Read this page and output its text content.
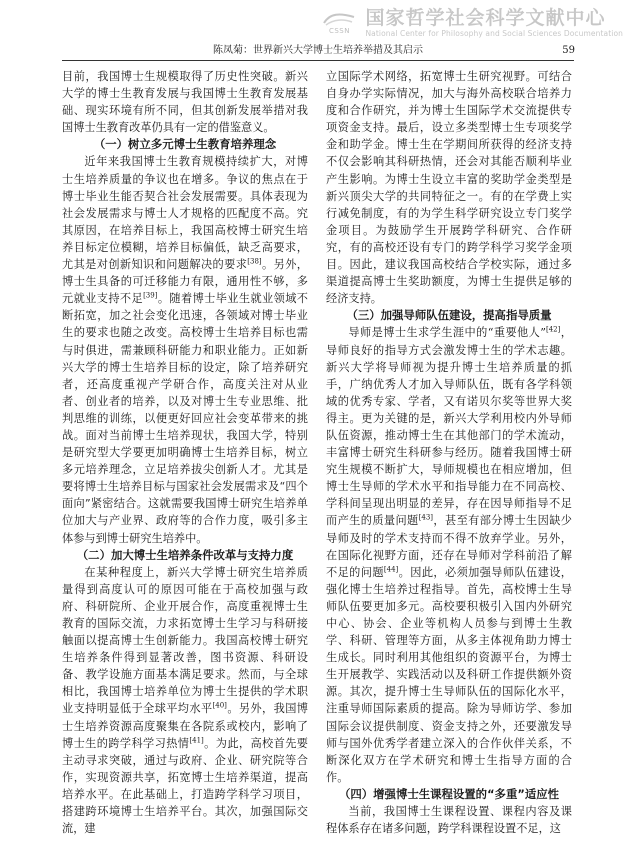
CSSN
国家哲学社会科学文献中心
National Center for Philosophy and Social Sciences Documentation
陈凤菊：世界新兴大学博士生培养举措及其启示	59

目前，我国博士生规模取得了历史性突破。新兴大学的博士生教育发展与我国博士生教育发展基础、现实环境有所不同，但其创新发展举措对我国博士生教育改革仍具有一定的借鉴意义。

（一）树立多元博士生教育培养理念

近年来我国博士生教育规模持续扩大，对博士生培养质量的争议也在增多。争议的焦点在于博士毕业生能否契合社会发展需要。具体表现为社会发展需求与博士人才规格的匹配度不高。究其原因，在培养目标上，我国高校博士研究生培养目标定位模糊，培养目标偏低，缺乏高要求，尤其是对创新知识和问题解决的要求[38]。另外，博士生具备的可迁移能力有限，通用性不够，多元就业支持不足[39]。随着博士毕业生就业领域不断拓宽，加之社会变化迅速，各领域对博士毕业生的要求也随之改变。高校博士生培养目标也需与时俱进，需兼顾科研能力和职业能力。正如新兴大学的博士生培养目标的设定，除了培养研究者，还高度重视产学研合作，高度关注对从业者、创业者的培养，以及对博士生专业思维、批判思维的训练，以便更好回应社会变革带来的挑战。面对当前博士生培养现状，我国大学，特别是研究型大学要更加明确博士生培养目标，树立多元培养理念，立足培养拔尖创新人才。尤其是要将博士生培养目标与国家社会发展需求及“四个面向”紧密结合。这就需要我国博士研究生培养单位加大与产业界、政府等的合作力度，吸引多主体参与到博士研究生培养中。

（二）加大博士生培养条件改革与支持力度

在某种程度上，新兴大学博士研究生培养质量得到高度认可的原因可能在于高校加强与政府、科研院所、企业开展合作，高度重视博士生教育的国际交流，力求拓宽博士生学习与科研接触面以提高博士生创新能力。我国高校博士研究生培养条件得到显著改善，图书资源、科研设备、教学设施方面基本满足要求。然而，与全球相比，我国博士培养单位为博士生提供的学术职业支持明显低于全球平均水平[40]。另外，我国博士生培养资源高度聚集在各院系或校内，影响了博士生的跨学科学习热情[41]。为此，高校首先要主动寻求突破，通过与政府、企业、研究院等合作，实现资源共享，拓宽博士生培养渠道，提高培养水平。在此基础上，打造跨学科学习项目，搭建跨环境博士生培养平台。其次，加强国际交流，建

立国际学术网络，拓宽博士生研究视野。可结合自身办学实际情况，加大与海外高校联合培养力度和合作研究，并为博士生国际学术交流提供专项资金支持。最后，设立多类型博士生专项奖学金和助学金。博士生在学期间所获得的经济支持不仅会影响其科研热情，还会对其能否顺利毕业产生影响。为博士生设立丰富的奖助学金类型是新兴顶尖大学的共同特征之一。有的在学费上实行减免制度，有的为学生科学研究设立专门奖学金项目。为鼓励学生开展跨学科研究、合作研究，有的高校还设有专门的跨学科学习奖学金项目。因此，建议我国高校结合学校实际，通过多渠道提高博士生奖助额度，为博士生提供足够的经济支持。

（三）加强导师队伍建设，提高指导质量

导师是博士生求学生涯中的“重要他人”[42]，导师良好的指导方式会激发博士生的学术志趣。新兴大学将导师视为提升博士生培养质量的抓手，广纳优秀人才加入导师队伍，既有各学科领域的优秀专家、学者，又有诺贝尔奖等世界大奖得主。更为关键的是，新兴大学利用校内外导师队伍资源，推动博士生在其他部门的学术流动，丰富博士研究生科研参与经历。随着我国博士研究生规模不断扩大，导师规模也在相应增加，但博士生导师的学术水平和指导能力在不同高校、学科间呈现出明显的差异，存在因导师指导不足而产生的质量问题[43]，甚至有部分博士生因缺少导师及时的学术支持而不得不放弃学业。另外，在国际化视野方面，还存在导师对学科前沿了解不足的问题[44]。因此，必须加强导师队伍建设，强化博士生培养过程指导。首先，高校博士生导师队伍要更加多元。高校要积极引入国内外研究中心、协会、企业等机构人员参与到博士生教学、科研、管理等方面，从多主体视角助力博士生成长。同时利用其他组织的资源平台，为博士生开展教学、实践活动以及科研工作提供额外资源。其次，提升博士生导师队伍的国际化水平，注重导师国际素质的提高。除为导师访学、参加国际会议提供制度、资金支持之外，还要激发导师与国外优秀学者建立深入的合作伙伴关系，不断深化双方在学术研究和博士生指导方面的合作。

（四）增强博士生课程设置的“多重”适应性

当前，我国博士生课程设置、课程内容及课程体系存在诸多问题，跨学科课程设置不足，这
